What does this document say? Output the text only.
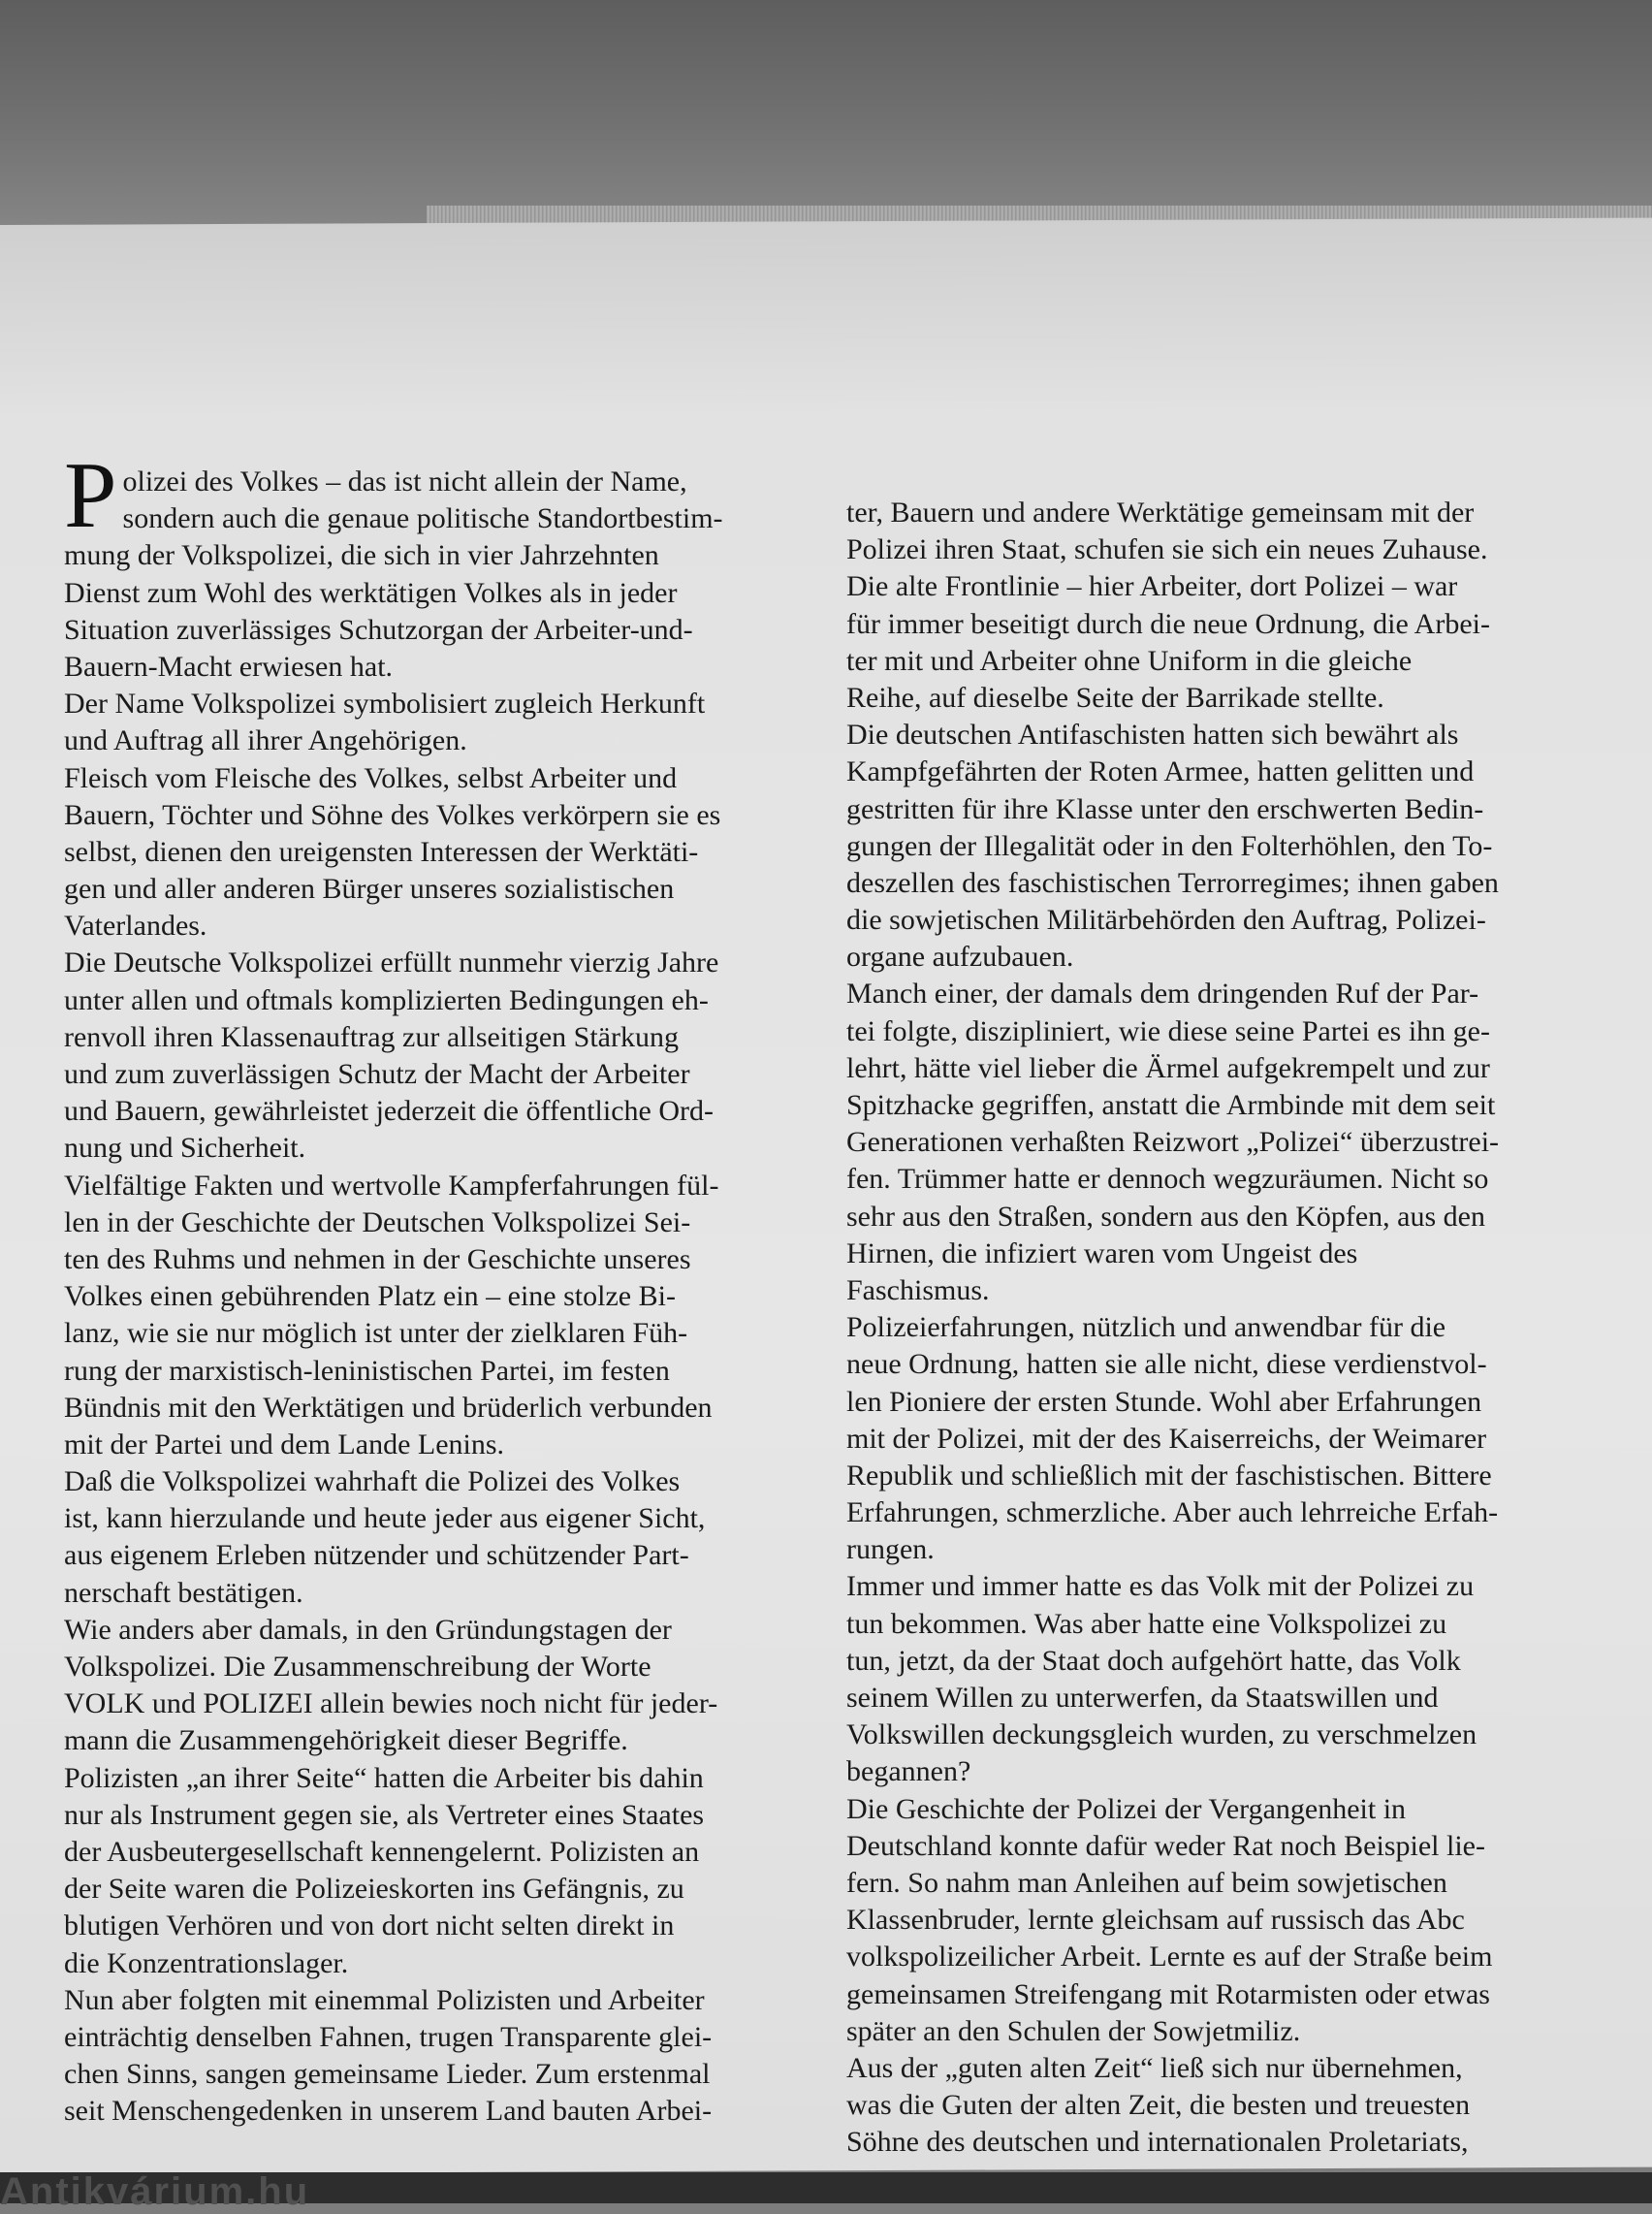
Polizei des Volkes – das ist nicht allein der Name,
sondern auch die genaue politische Standortbestim-
mung der Volkspolizei, die sich in vier Jahrzehnten
Dienst zum Wohl des werktätigen Volkes als in jeder
Situation zuverlässiges Schutzorgan der Arbeiter-und-
Bauern-Macht erwiesen hat.
Der Name Volkspolizei symbolisiert zugleich Herkunft
und Auftrag all ihrer Angehörigen.
Fleisch vom Fleische des Volkes, selbst Arbeiter und
Bauern, Töchter und Söhne des Volkes verkörpern sie es
selbst, dienen den ureigensten Interessen der Werktäti-
gen und aller anderen Bürger unseres sozialistischen
Vaterlandes.
Die Deutsche Volkspolizei erfüllt nunmehr vierzig Jahre
unter allen und oftmals komplizierten Bedingungen eh-
renvoll ihren Klassenauftrag zur allseitigen Stärkung
und zum zuverlässigen Schutz der Macht der Arbeiter
und Bauern, gewährleistet jederzeit die öffentliche Ord-
nung und Sicherheit.
Vielfältige Fakten und wertvolle Kampferfahrungen fül-
len in der Geschichte der Deutschen Volkspolizei Sei-
ten des Ruhms und nehmen in der Geschichte unseres
Volkes einen gebührenden Platz ein – eine stolze Bi-
lanz, wie sie nur möglich ist unter der zielklaren Füh-
rung der marxistisch-leninistischen Partei, im festen
Bündnis mit den Werktätigen und brüderlich verbunden
mit der Partei und dem Lande Lenins.
Daß die Volkspolizei wahrhaft die Polizei des Volkes
ist, kann hierzulande und heute jeder aus eigener Sicht,
aus eigenem Erleben nützender und schützender Part-
nerschaft bestätigen.
Wie anders aber damals, in den Gründungstagen der
Volkspolizei. Die Zusammenschreibung der Worte
VOLK und POLIZEI allein bewies noch nicht für jeder-
mann die Zusammengehörigkeit dieser Begriffe.
Polizisten „an ihrer Seite“ hatten die Arbeiter bis dahin
nur als Instrument gegen sie, als Vertreter eines Staates
der Ausbeutergesellschaft kennengelernt. Polizisten an
der Seite waren die Polizeieskorten ins Gefängnis, zu
blutigen Verhören und von dort nicht selten direkt in
die Konzentrationslager.
Nun aber folgten mit einemmal Polizisten und Arbeiter
einträchtig denselben Fahnen, trugen Transparente glei-
chen Sinns, sangen gemeinsame Lieder. Zum erstenmal
seit Menschengedenken in unserem Land bauten Arbei-
ter, Bauern und andere Werktätige gemeinsam mit der
Polizei ihren Staat, schufen sie sich ein neues Zuhause.
Die alte Frontlinie – hier Arbeiter, dort Polizei – war
für immer beseitigt durch die neue Ordnung, die Arbei-
ter mit und Arbeiter ohne Uniform in die gleiche
Reihe, auf dieselbe Seite der Barrikade stellte.
Die deutschen Antifaschisten hatten sich bewährt als
Kampfgefährten der Roten Armee, hatten gelitten und
gestritten für ihre Klasse unter den erschwerten Bedin-
gungen der Illegalität oder in den Folterhöhlen, den To-
deszellen des faschistischen Terrorregimes; ihnen gaben
die sowjetischen Militärbehörden den Auftrag, Polizei-
organe aufzubauen.
Manch einer, der damals dem dringenden Ruf der Par-
tei folgte, diszipliniert, wie diese seine Partei es ihn ge-
lehrt, hätte viel lieber die Ärmel aufgekrempelt und zur
Spitzhacke gegriffen, anstatt die Armbinde mit dem seit
Generationen verhaßten Reizwort „Polizei“ überzustrei-
fen. Trümmer hatte er dennoch wegzuräumen. Nicht so
sehr aus den Straßen, sondern aus den Köpfen, aus den
Hirnen, die infiziert waren vom Ungeist des
Faschismus.
Polizeierfahrungen, nützlich und anwendbar für die
neue Ordnung, hatten sie alle nicht, diese verdienstvol-
len Pioniere der ersten Stunde. Wohl aber Erfahrungen
mit der Polizei, mit der des Kaiserreichs, der Weimarer
Republik und schließlich mit der faschistischen. Bittere
Erfahrungen, schmerzliche. Aber auch lehrreiche Erfah-
rungen.
Immer und immer hatte es das Volk mit der Polizei zu
tun bekommen. Was aber hatte eine Volkspolizei zu
tun, jetzt, da der Staat doch aufgehört hatte, das Volk
seinem Willen zu unterwerfen, da Staatswillen und
Volkswillen deckungsgleich wurden, zu verschmelzen
begannen?
Die Geschichte der Polizei der Vergangenheit in
Deutschland konnte dafür weder Rat noch Beispiel lie-
fern. So nahm man Anleihen auf beim sowjetischen
Klassenbruder, lernte gleichsam auf russisch das Abc
volkspolizeilicher Arbeit. Lernte es auf der Straße beim
gemeinsamen Streifengang mit Rotarmisten oder etwas
später an den Schulen der Sowjetmiliz.
Aus der „guten alten Zeit“ ließ sich nur übernehmen,
was die Guten der alten Zeit, die besten und treuesten
Söhne des deutschen und internationalen Proletariats,
Antikvárium.hu
